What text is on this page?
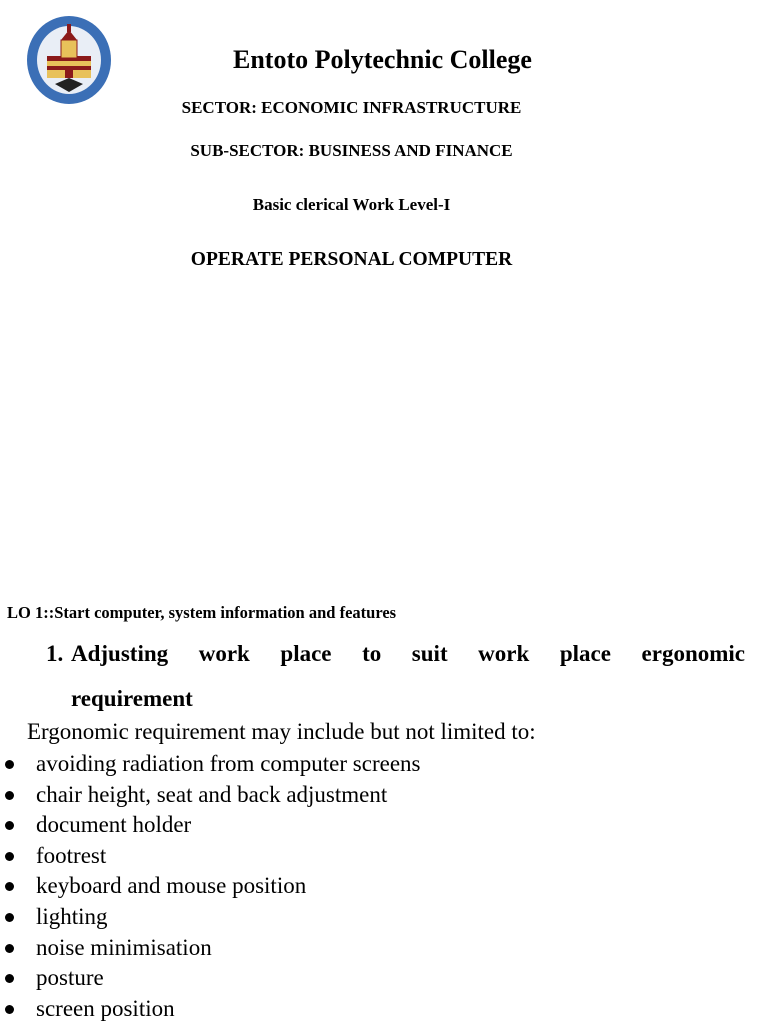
Entoto Polytechnic College
SECTOR: ECONOMIC INFRASTRUCTURE
SUB-SECTOR: BUSINESS AND FINANCE
Basic clerical Work Level-I
OPERATE PERSONAL COMPUTER
LO 1::Start computer, system information and features
1. Adjusting work place to suit work place ergonomic
requirement
Ergonomic requirement may include but not limited to:
avoiding radiation from computer screens
chair height, seat and back adjustment
document holder
footrest
keyboard and mouse position
lighting
noise minimisation
posture
screen position
